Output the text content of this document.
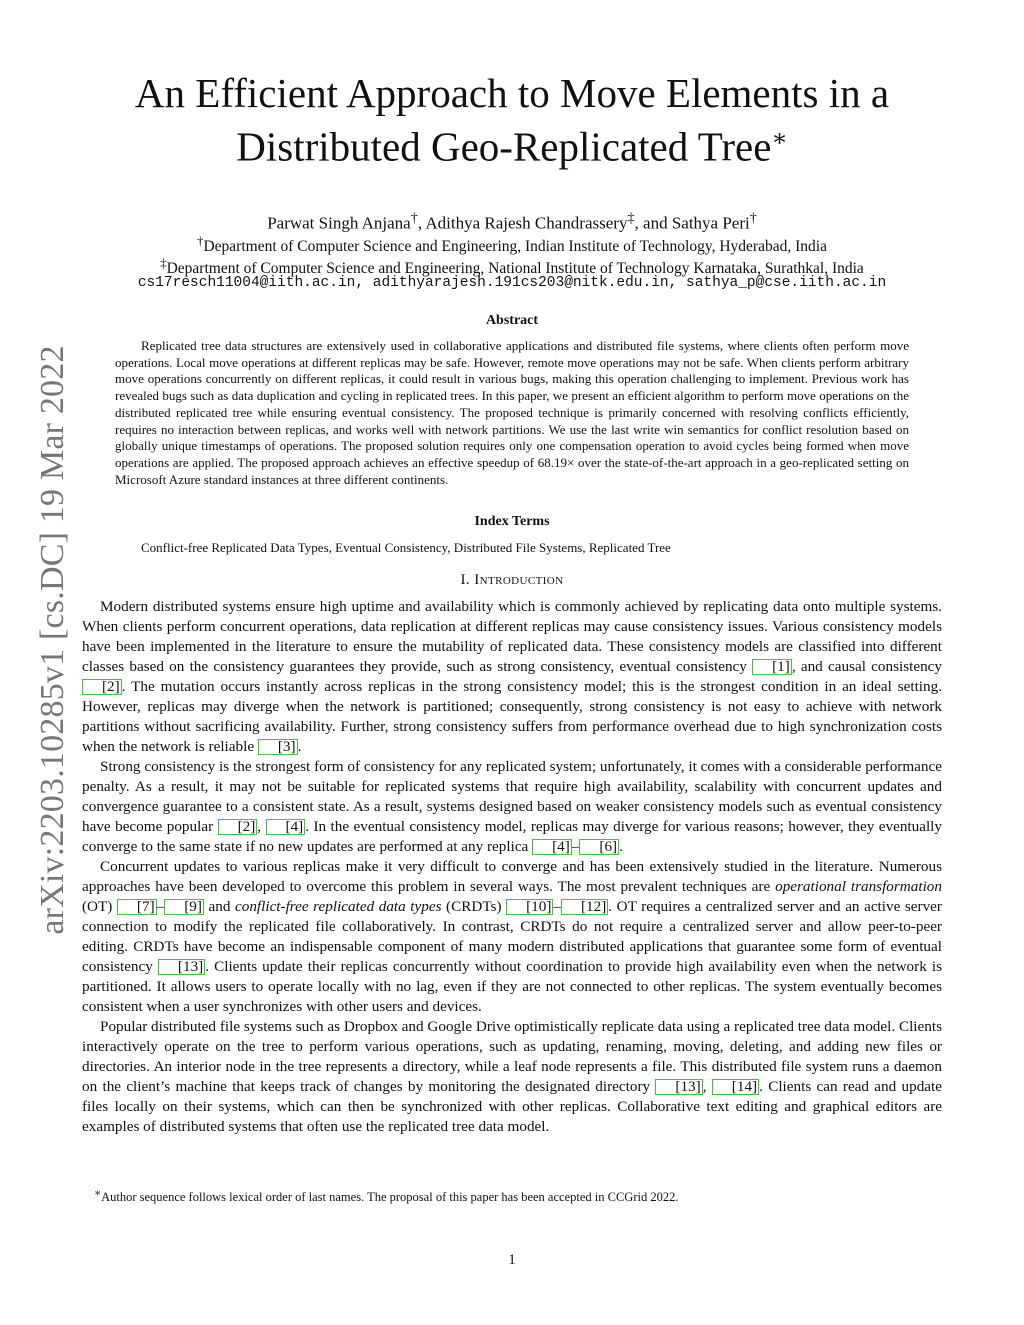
arXiv:2203.10285v1 [cs.DC] 19 Mar 2022
An Efficient Approach to Move Elements in a
Distributed Geo-Replicated Tree∗
Parwat Singh Anjana†, Adithya Rajesh Chandrassery‡, and Sathya Peri†
†Department of Computer Science and Engineering, Indian Institute of Technology, Hyderabad, India
‡Department of Computer Science and Engineering, National Institute of Technology Karnataka, Surathkal, India
cs17resch11004@iith.ac.in, adithyarajesh.191cs203@nitk.edu.in, sathya_p@cse.iith.ac.in
Abstract

Replicated tree data structures are extensively used in collaborative applications and distributed file systems, where clients often perform move operations. Local move operations at different replicas may be safe. However, remote move operations may not be safe. When clients perform arbitrary move operations concurrently on different replicas, it could result in various bugs, making this operation challenging to implement. Previous work has revealed bugs such as data duplication and cycling in replicated trees. In this paper, we present an efficient algorithm to perform move operations on the distributed replicated tree while ensuring eventual consistency. The proposed technique is primarily concerned with resolving conflicts efficiently, requires no interaction between replicas, and works well with network partitions. We use the last write win semantics for conflict resolution based on globally unique timestamps of operations. The proposed solution requires only one compensation operation to avoid cycles being formed when move operations are applied. The proposed approach achieves an effective speedup of 68.19× over the state-of-the-art approach in a geo-replicated setting on Microsoft Azure standard instances at three different continents.

Index Terms

Conflict-free Replicated Data Types, Eventual Consistency, Distributed File Systems, Replicated Tree

I. Introduction

Modern distributed systems ensure high uptime and availability which is commonly achieved by replicating data onto multiple systems. When clients perform concurrent operations, data replication at different replicas may cause consistency issues. Various consistency models have been implemented in the literature to ensure the mutability of replicated data. These consistency models are classified into different classes based on the consistency guarantees they provide, such as strong consistency, eventual consistency [1] , and causal consistency [2] . The mutation occurs instantly across replicas in the strong consistency model; this is the strongest condition in an ideal setting. However, replicas may diverge when the network is partitioned; consequently, strong consistency is not easy to achieve with network partitions without sacrificing availability. Further, strong consistency suffers from performance overhead due to high synchronization costs when the network is reliable [3] .

Strong consistency is the strongest form of consistency for any replicated system; unfortunately, it comes with a considerable performance penalty. As a result, it may not be suitable for replicated systems that require high availability, scalability with concurrent updates and convergence guarantee to a consistent state. As a result, systems designed based on weaker consistency models such as eventual consistency have become popular [2] , [4] . In the eventual consistency model, replicas may diverge for various reasons; however, they eventually converge to the same state if no new updates are performed at any replica [4] – [6] .

Concurrent updates to various replicas make it very difficult to converge and has been extensively studied in the literature. Numerous approaches have been developed to overcome this problem in several ways. The most prevalent techniques are operational transformation (OT) [7] – [9] and conflict-free replicated data types (CRDTs) [10] – [12] . OT requires a centralized server and an active server connection to modify the replicated file collaboratively. In contrast, CRDTs do not require a centralized server and allow peer-to-peer editing. CRDTs have become an indispensable component of many modern distributed applications that guarantee some form of eventual consistency [13] . Clients update their replicas concurrently without coordination to provide high availability even when the network is partitioned. It allows users to operate locally with no lag, even if they are not connected to other replicas. The system eventually becomes consistent when a user synchronizes with other users and devices.

Popular distributed file systems such as Dropbox and Google Drive optimistically replicate data using a replicated tree data model. Clients interactively operate on the tree to perform various operations, such as updating, renaming, moving, deleting, and adding new files or directories. An interior node in the tree represents a directory, while a leaf node represents a file. This distributed file system runs a daemon on the client’s machine that keeps track of changes by monitoring the designated directory [13] , [14] . Clients can read and update files locally on their systems, which can then be synchronized with other replicas. Collaborative text editing and graphical editors are examples of distributed systems that often use the replicated tree data model.

∗Author sequence follows lexical order of last names. The proposal of this paper has been accepted in CCGrid 2022.
1
